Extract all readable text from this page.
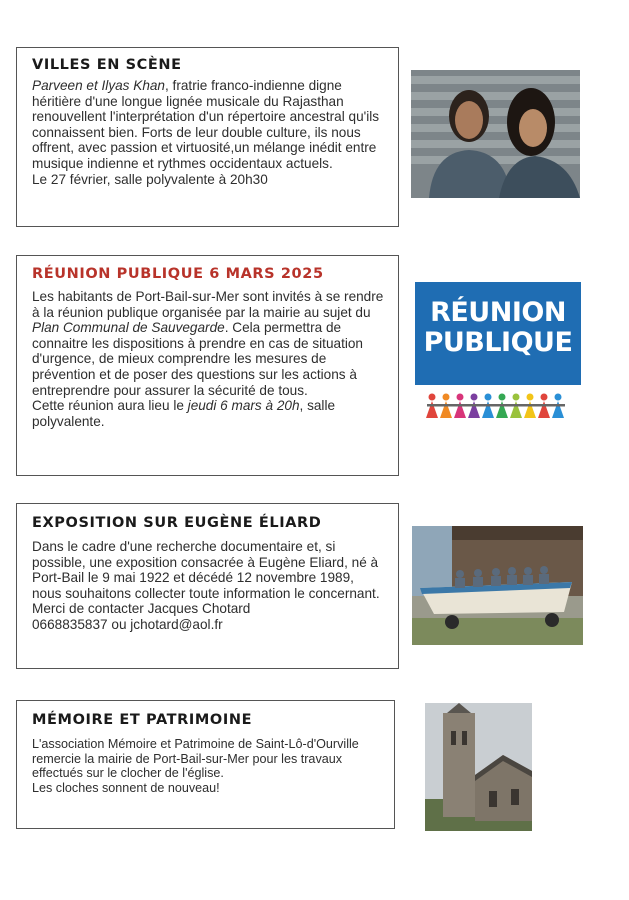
VILLES EN SCÈNE

Parveen et Ilyas Khan, fratrie franco-indienne digne héritière d'une longue lignée musicale du Rajasthan renouvellent l'interprétation d'un répertoire ancestral qu'ils connaissent bien. Forts de leur double culture, ils nous offrent, avec passion et virtuosité,un mélange inédit entre musique indienne et rythmes occidentaux actuels.

Le 27 février, salle polyvalente à 20h30

RÉUNION PUBLIQUE 6 MARS 2025

Les habitants de Port-Bail-sur-Mer sont invités à se rendre à la réunion publique organisée par la mairie au sujet du Plan Communal de Sauvegarde. Cela permettra de connaitre les dispositions à prendre en cas de situation d'urgence, de mieux comprendre les mesures de prévention et de poser des questions sur les actions à entreprendre pour assurer la sécurité de tous.

Cette réunion aura lieu le jeudi 6 mars à 20h, salle polyvalente.

RÉUNION
PUBLIQUE
EXPOSITION SUR EUGÈNE ÉLIARD

Dans le cadre d'une recherche documentaire et, si possible, une exposition consacrée à Eugène Eliard, né à Port-Bail le 9 mai 1922 et décédé 12 novembre 1989, nous souhaitons collecter toute information le concernant.

Merci de contacter Jacques Chotard

0668835837 ou jchotard@aol.fr

MÉMOIRE ET PATRIMOINE

L'association Mémoire et Patrimoine de Saint-Lô-d'Ourville remercie la mairie de Port-Bail-sur-Mer pour les travaux effectués sur le clocher de l'église.

Les cloches sonnent de nouveau!
